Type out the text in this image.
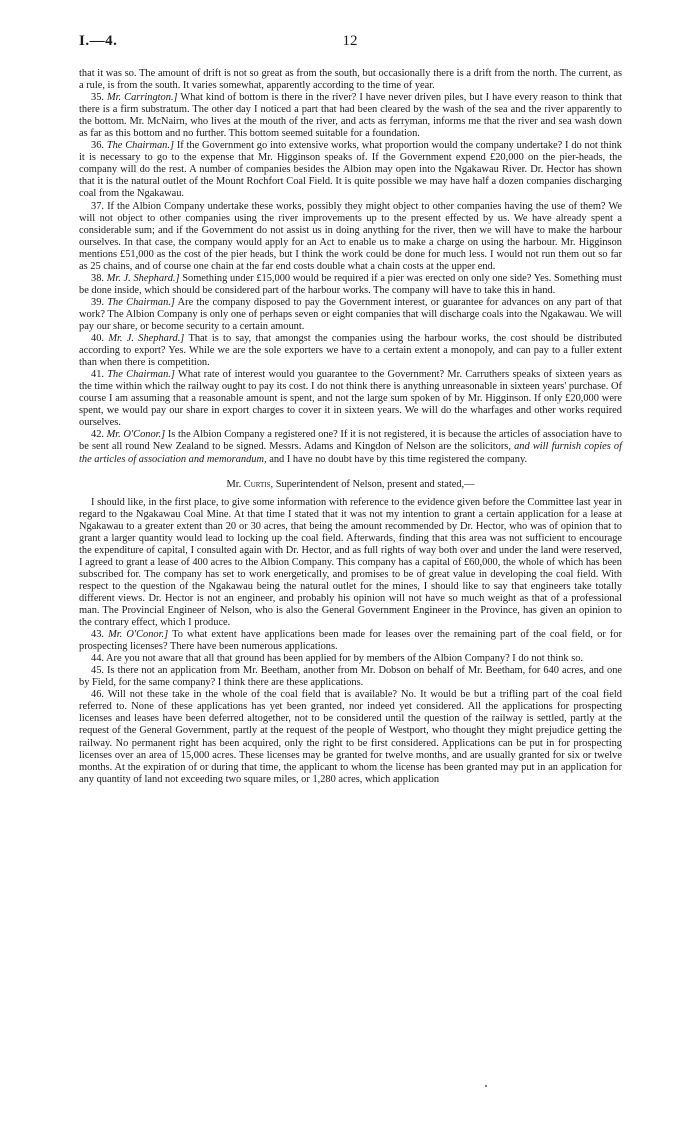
I.—4.	12

that it was so. The amount of drift is not so great as from the south, but occasionally there is a drift from the north. The current, as a rule, is from the south. It varies somewhat, apparently according to the time of year.

35. Mr. Carrington.] What kind of bottom is there in the river? I have never driven piles, but I have every reason to think that there is a firm substratum. The other day I noticed a part that had been cleared by the wash of the sea and the river apparently to the bottom. Mr. McNairn, who lives at the mouth of the river, and acts as ferryman, informs me that the river and sea wash down as far as this bottom and no further. This bottom seemed suitable for a foundation.

36. The Chairman.] If the Government go into extensive works, what proportion would the company undertake? I do not think it is necessary to go to the expense that Mr. Higginson speaks of. If the Government expend £20,000 on the pier-heads, the company will do the rest. A number of companies besides the Albion may open into the Ngakawau River. Dr. Hector has shown that it is the natural outlet of the Mount Rochfort Coal Field. It is quite possible we may have half a dozen companies discharging coal from the Ngakawau.

37. If the Albion Company undertake these works, possibly they might object to other companies having the use of them? We will not object to other companies using the river improvements up to the present effected by us. We have already spent a considerable sum; and if the Government do not assist us in doing anything for the river, then we will have to make the harbour ourselves. In that case, the company would apply for an Act to enable us to make a charge on using the harbour. Mr. Higginson mentions £51,000 as the cost of the pier heads, but I think the work could be done for much less. I would not run them out so far as 25 chains, and of course one chain at the far end costs double what a chain costs at the upper end.

38. Mr. J. Shephard.] Something under £15,000 would be required if a pier was erected on only one side? Yes. Something must be done inside, which should be considered part of the harbour works. The company will have to take this in hand.

39. The Chairman.] Are the company disposed to pay the Government interest, or guarantee for advances on any part of that work? The Albion Company is only one of perhaps seven or eight companies that will discharge coals into the Ngakawau. We will pay our share, or become security to a certain amount.

40. Mr. J. Shephard.] That is to say, that amongst the companies using the harbour works, the cost should be distributed according to export? Yes. While we are the sole exporters we have to a certain extent a monopoly, and can pay to a fuller extent than when there is competition.

41. The Chairman.] What rate of interest would you guarantee to the Government? Mr. Carruthers speaks of sixteen years as the time within which the railway ought to pay its cost. I do not think there is anything unreasonable in sixteen years' purchase. Of course I am assuming that a reasonable amount is spent, and not the large sum spoken of by Mr. Higginson. If only £20,000 were spent, we would pay our share in export charges to cover it in sixteen years. We will do the wharfages and other works required ourselves.

42. Mr. O'Conor.] Is the Albion Company a registered one? If it is not registered, it is because the articles of association have to be sent all round New Zealand to be signed. Messrs. Adams and Kingdon of Nelson are the solicitors, and will furnish copies of the articles of association and memorandum, and I have no doubt have by this time registered the company.

Mr. Curtis, Superintendent of Nelson, present and stated,—

I should like, in the first place, to give some information with reference to the evidence given before the Committee last year in regard to the Ngakawau Coal Mine. At that time I stated that it was not my intention to grant a certain application for a lease at Ngakawau to a greater extent than 20 or 30 acres, that being the amount recommended by Dr. Hector, who was of opinion that to grant a larger quantity would lead to locking up the coal field. Afterwards, finding that this area was not sufficient to encourage the expenditure of capital, I consulted again with Dr. Hector, and as full rights of way both over and under the land were reserved, I agreed to grant a lease of 400 acres to the Albion Company. This company has a capital of £60,000, the whole of which has been subscribed for. The company has set to work energetically, and promises to be of great value in developing the coal field. With respect to the question of the Ngakawau being the natural outlet for the mines, I should like to say that engineers take totally different views. Dr. Hector is not an engineer, and probably his opinion will not have so much weight as that of a professional man. The Provincial Engineer of Nelson, who is also the General Government Engineer in the Province, has given an opinion to the contrary effect, which I produce.

43. Mr. O'Conor.] To what extent have applications been made for leases over the remaining part of the coal field, or for prospecting licenses? There have been numerous applications.

44. Are you not aware that all that ground has been applied for by members of the Albion Company? I do not think so.

45. Is there not an application from Mr. Beetham, another from Mr. Dobson on behalf of Mr. Beetham, for 640 acres, and one by Field, for the same company? I think there are these applications.

46. Will not these take in the whole of the coal field that is available? No. It would be but a trifling part of the coal field referred to. None of these applications has yet been granted, nor indeed yet considered. All the applications for prospecting licenses and leases have been deferred altogether, not to be considered until the question of the railway is settled, partly at the request of the General Government, partly at the request of the people of Westport, who thought they might prejudice getting the railway. No permanent right has been acquired, only the right to be first considered. Applications can be put in for prospecting licenses over an area of 15,000 acres. These licenses may be granted for twelve months, and are usually granted for six or twelve months. At the expiration of or during that time, the applicant to whom the license has been granted may put in an application for any quantity of land not exceeding two square miles, or 1,280 acres, which application
